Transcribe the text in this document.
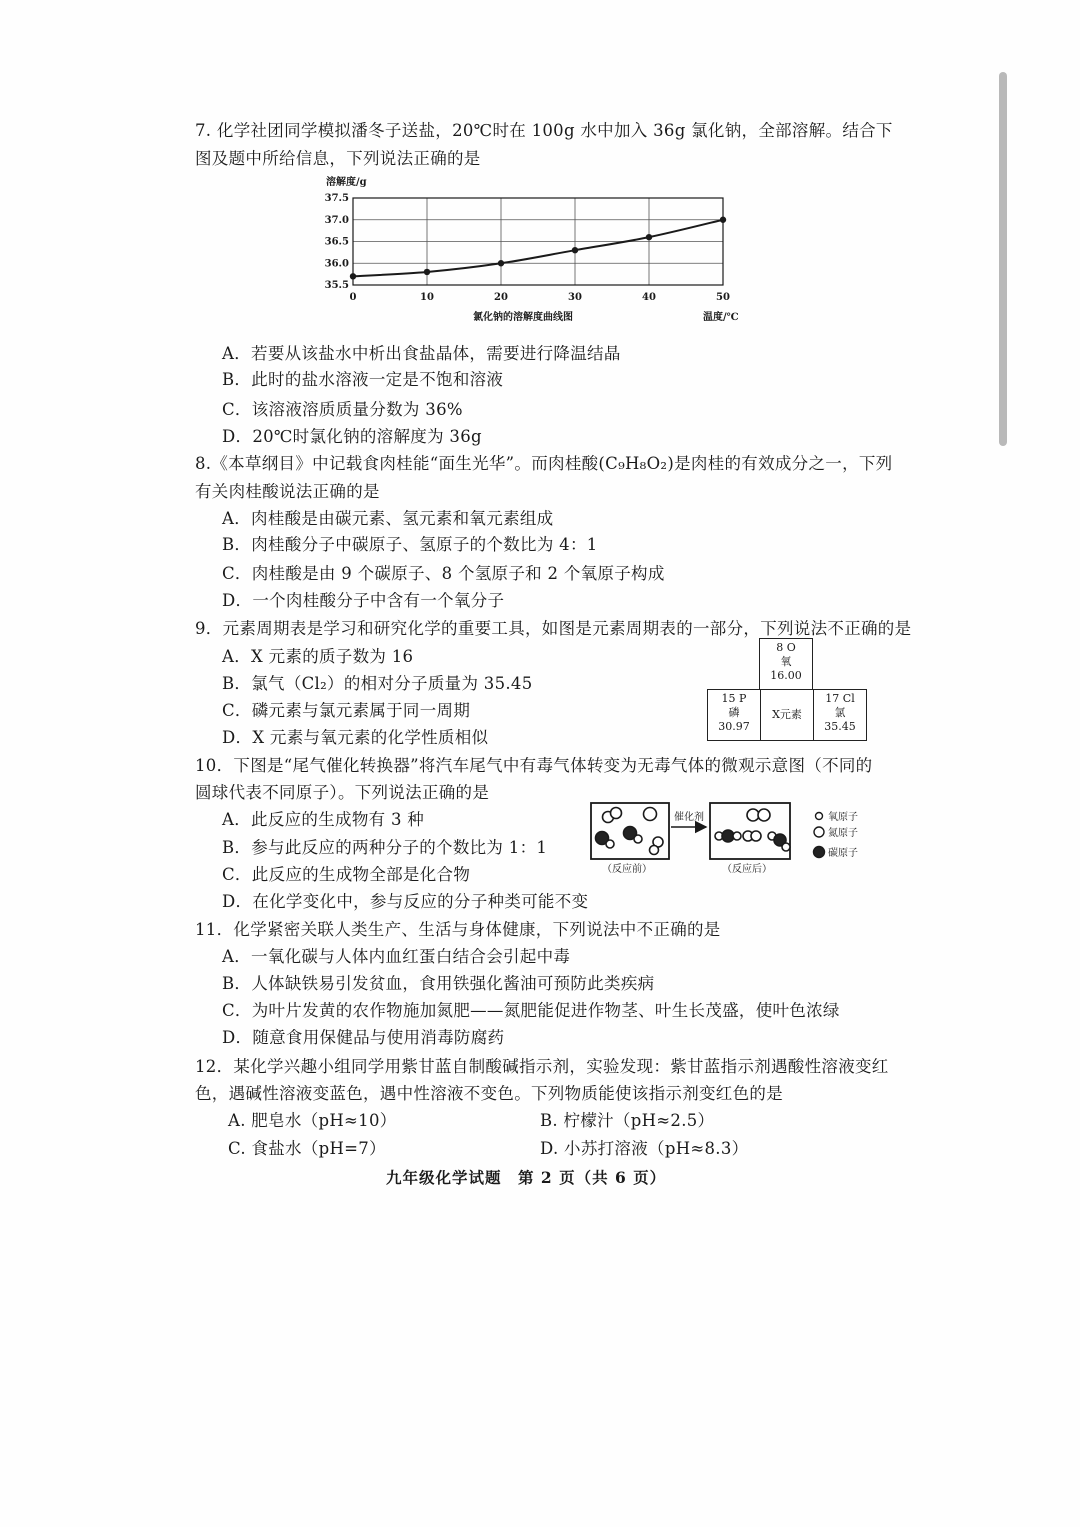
7. 化学社团同学模拟潘冬子送盐，20℃时在 100g 水中加入 36g 氯化钠，全部溶解。结合下
图及题中所给信息，下列说法正确的是
35.5
36.0
36.5
37.0
37.5
0	10	20	30	40	50
溶解度/g
氯化钠的溶解度曲线图	温度/℃
A．若要从该盐水中析出食盐晶体，需要进行降温结晶
B．此时的盐水溶液一定是不饱和溶液
C．该溶液溶质质量分数为 36%
D．20℃时氯化钠的溶解度为 36g
8.《本草纲目》中记载食肉桂能“面生光华”。而肉桂酸(C₉H₈O₂)是肉桂的有效成分之一，下列
有关肉桂酸说法正确的是
A．肉桂酸是由碳元素、氢元素和氧元素组成
B．肉桂酸分子中碳原子、氢原子的个数比为 4：1
C．肉桂酸是由 9 个碳原子、8 个氢原子和 2 个氧原子构成
D．一个肉桂酸分子中含有一个氧分子
9．元素周期表是学习和研究化学的重要工具，如图是元素周期表的一部分，下列说法不正确的是
A．X 元素的质子数为 16
B．氯气（Cl₂）的相对分子质量为 35.45
C．磷元素与氯元素属于同一周期
D．X 元素与氧元素的化学性质相似
8 O
氧
16.00
15 P
磷
30.97
X元素
17 Cl
氯
35.45
10．下图是“尾气催化转换器”将汽车尾气中有毒气体转变为无毒气体的微观示意图（不同的
圆球代表不同原子）。下列说法正确的是
A．此反应的生成物有 3 种
B．参与此反应的两种分子的个数比为 1：1
C．此反应的生成物全部是化合物
D．在化学变化中，参与反应的分子种类可能不变
催化剂
（反应前）	（反应后）
氧原子
氮原子
碳原子
11．化学紧密关联人类生产、生活与身体健康，下列说法中不正确的是
A．一氧化碳与人体内血红蛋白结合会引起中毒
B．人体缺铁易引发贫血，食用铁强化酱油可预防此类疾病
C．为叶片发黄的农作物施加氮肥——氮肥能促进作物茎、叶生长茂盛，使叶色浓绿
D．随意食用保健品与使用消毒防腐药
12．某化学兴趣小组同学用紫甘蓝自制酸碱指示剂，实验发现：紫甘蓝指示剂遇酸性溶液变红
色，遇碱性溶液变蓝色，遇中性溶液不变色。下列物质能使该指示剂变红色的是
A. 肥皂水（pH≈10）	B. 柠檬汁（pH≈2.5）
C. 食盐水（pH=7）	D. 小苏打溶液（pH≈8.3）
九年级化学试题　第 2 页（共 6 页）
